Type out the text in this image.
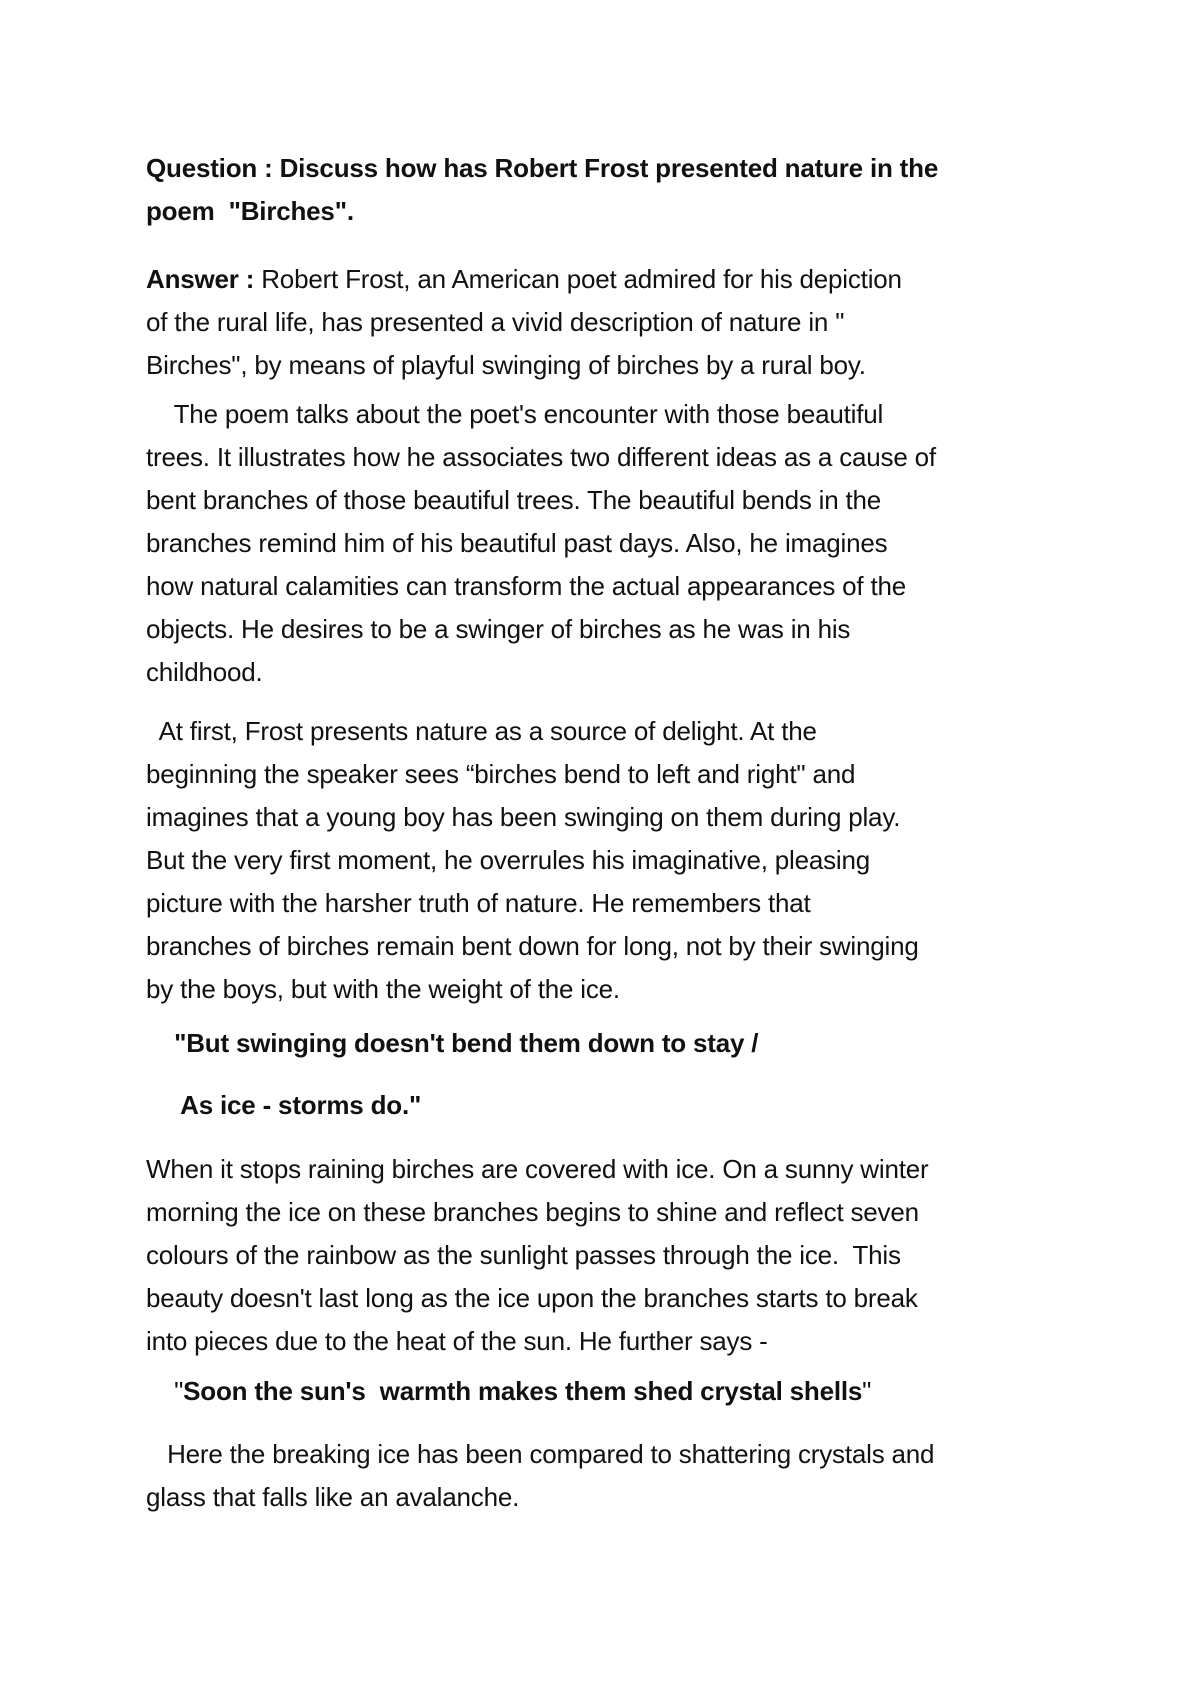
Question : Discuss how has Robert Frost presented nature in the
poem  "Birches".
Answer : Robert Frost, an American poet admired for his depiction
of the rural life, has presented a vivid description of nature in "
Birches", by means of playful swinging of birches by a rural boy.
The poem talks about the poet's encounter with those beautiful
trees. It illustrates how he associates two different ideas as a cause of
bent branches of those beautiful trees. The beautiful bends in the
branches remind him of his beautiful past days. Also, he imagines
how natural calamities can transform the actual appearances of the
objects. He desires to be a swinger of birches as he was in his
childhood.
At first, Frost presents nature as a source of delight. At the
beginning the speaker sees “birches bend to left and right" and
imagines that a young boy has been swinging on them during play.
But the very first moment, he overrules his imaginative, pleasing
picture with the harsher truth of nature. He remembers that
branches of birches remain bent down for long, not by their swinging
by the boys, but with the weight of the ice.
"But swinging doesn't bend them down to stay /
As ice - storms do."
When it stops raining birches are covered with ice. On a sunny winter
morning the ice on these branches begins to shine and reflect seven
colours of the rainbow as the sunlight passes through the ice.  This
beauty doesn't last long as the ice upon the branches starts to break
into pieces due to the heat of the sun. He further says -
"Soon the sun's  warmth makes them shed crystal shells"
Here the breaking ice has been compared to shattering crystals and
glass that falls like an avalanche.
